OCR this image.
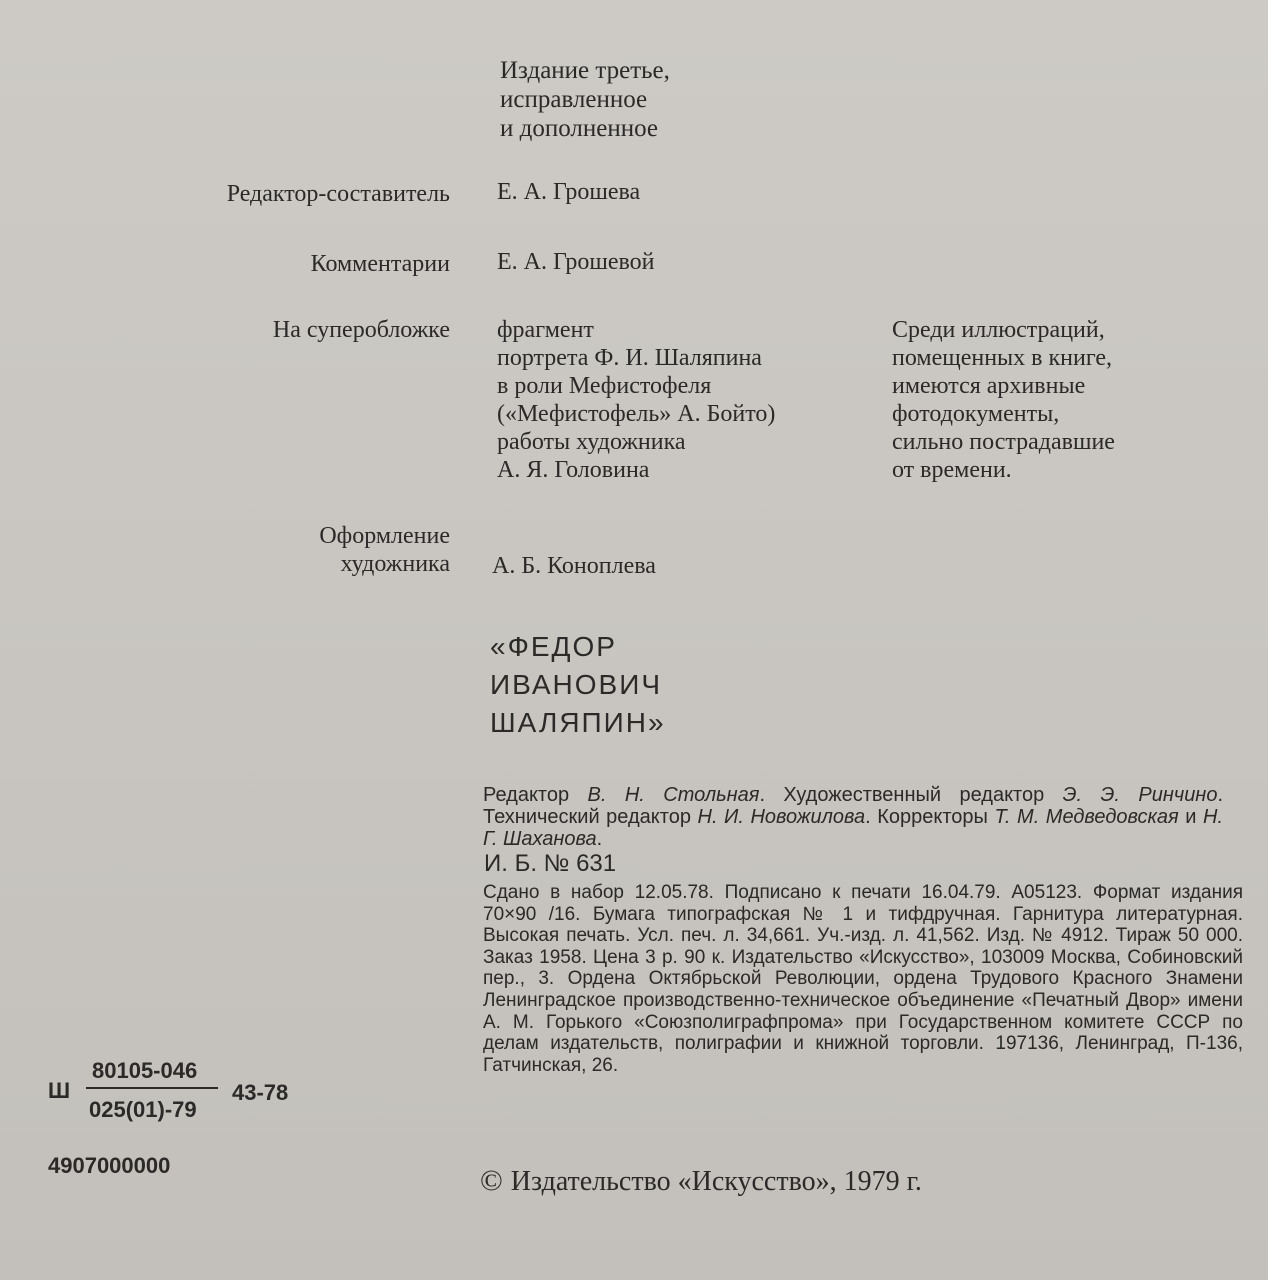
Издание третье,
исправленное
и дополненное
Редактор-составитель Е. А. Грошева
Комментарии Е. А. Грошевой
На суперобложке фрагмент
портрета Ф. И. Шаляпина
в роли Мефистофеля
(«Мефистофель» А. Бойто)
работы художника
А. Я. Головина
Среди иллюстраций,
помещенных в книге,
имеются архивные
фотодокументы,
сильно пострадавшие
от времени.
Оформление
художника А. Б. Коноплева
«ФЕДОР
ИВАНОВИЧ
ШАЛЯПИН»
Редактор В. Н. Стольная. Художественный редактор Э. Э. Ринчино. Технический редактор Н. И. Новожилова. Корректоры Т. М. Медведовская и Н. Г. Шаханова.
И. Б. № 631
Сдано в набор 12.05.78. Подписано к печати 16.04.79. А05123. Формат издания 70×90 /16. Бумага типографская № 1 и тифдручная. Гарнитура литературная. Высокая печать. Усл. печ. л. 34,661. Уч.-изд. л. 41,562. Изд. № 4912. Тираж 50 000. Заказ 1958. Цена 3 р. 90 к. Издательство «Искусство», 103009 Москва, Собиновский пер., 3. Ордена Октябрьской Революции, ордена Трудового Красного Знамени Ленинградское производственно-техническое объединение «Печатный Двор» имени А. М. Горького «Союзполиграфпрома» при Государственном комитете СССР по делам издательств, полиграфии и книжной торговли. 197136, Ленинград, П-136, Гатчинская, 26.
Ш
80105-046
025(01)-79
43-78
4907000000	© Издательство «Искусство», 1979 г.
